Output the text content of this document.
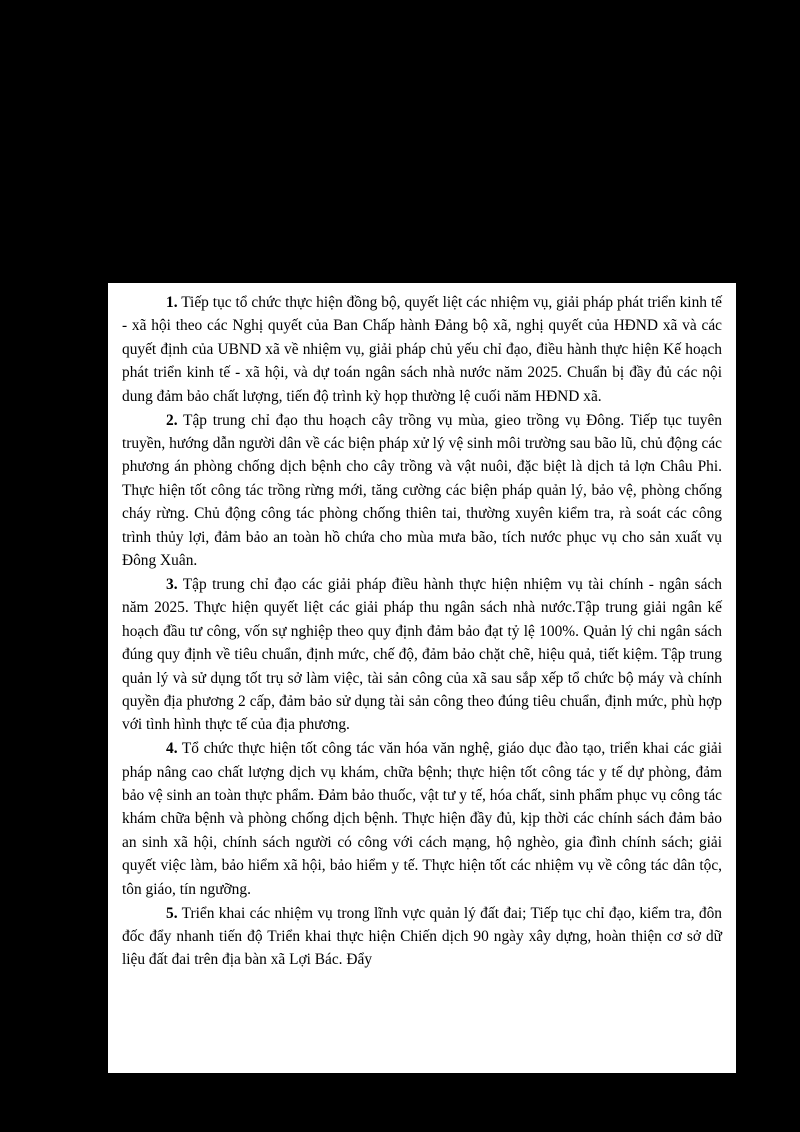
1. Tiếp tục tổ chức thực hiện đồng bộ, quyết liệt các nhiệm vụ, giải pháp phát triển kinh tế - xã hội theo các Nghị quyết của Ban Chấp hành Đảng bộ xã, nghị quyết của HĐND xã và các quyết định của UBND xã về nhiệm vụ, giải pháp chủ yếu chỉ đạo, điều hành thực hiện Kế hoạch phát triển kinh tế - xã hội, và dự toán ngân sách nhà nước năm 2025. Chuẩn bị đầy đủ các nội dung đảm bảo chất lượng, tiến độ trình kỳ họp thường lệ cuối năm HĐND xã.

2. Tập trung chỉ đạo thu hoạch cây trồng vụ mùa, gieo trồng vụ Đông. Tiếp tục tuyên truyền, hướng dẫn người dân về các biện pháp xử lý vệ sinh môi trường sau bão lũ, chủ động các phương án phòng chống dịch bệnh cho cây trồng và vật nuôi, đặc biệt là dịch tả lợn Châu Phi. Thực hiện tốt công tác trồng rừng mới, tăng cường các biện pháp quản lý, bảo vệ, phòng chống cháy rừng. Chủ động công tác phòng chống thiên tai, thường xuyên kiểm tra, rà soát các công trình thủy lợi, đảm bảo an toàn hồ chứa cho mùa mưa bão, tích nước phục vụ cho sản xuất vụ Đông Xuân.

3. Tập trung chỉ đạo các giải pháp điều hành thực hiện nhiệm vụ tài chính - ngân sách năm 2025. Thực hiện quyết liệt các giải pháp thu ngân sách nhà nước.Tập trung giải ngân kế hoạch đầu tư công, vốn sự nghiệp theo quy định đảm bảo đạt tỷ lệ 100%. Quản lý chi ngân sách đúng quy định về tiêu chuẩn, định mức, chế độ, đảm bảo chặt chẽ, hiệu quả, tiết kiệm. Tập trung quản lý và sử dụng tốt trụ sở làm việc, tài sản công của xã sau sắp xếp tổ chức bộ máy và chính quyền địa phương 2 cấp, đảm bảo sử dụng tài sản công theo đúng tiêu chuẩn, định mức, phù hợp với tình hình thực tế của địa phương.

4. Tổ chức thực hiện tốt công tác văn hóa văn nghệ, giáo dục đào tạo, triển khai các giải pháp nâng cao chất lượng dịch vụ khám, chữa bệnh; thực hiện tốt công tác y tế dự phòng, đảm bảo vệ sinh an toàn thực phẩm. Đảm bảo thuốc, vật tư y tế, hóa chất, sinh phẩm phục vụ công tác khám chữa bệnh và phòng chống dịch bệnh. Thực hiện đầy đủ, kịp thời các chính sách đảm bảo an sinh xã hội, chính sách người có công với cách mạng, hộ nghèo, gia đình chính sách; giải quyết việc làm, bảo hiểm xã hội, bảo hiểm y tế. Thực hiện tốt các nhiệm vụ về công tác dân tộc, tôn giáo, tín ngưỡng.

5. Triển khai các nhiệm vụ trong lĩnh vực quản lý đất đai; Tiếp tục chỉ đạo, kiểm tra, đôn đốc đẩy nhanh tiến độ Triển khai thực hiện Chiến dịch 90 ngày xây dựng, hoàn thiện cơ sở dữ liệu đất đai trên địa bàn xã Lợi Bác. Đẩy
